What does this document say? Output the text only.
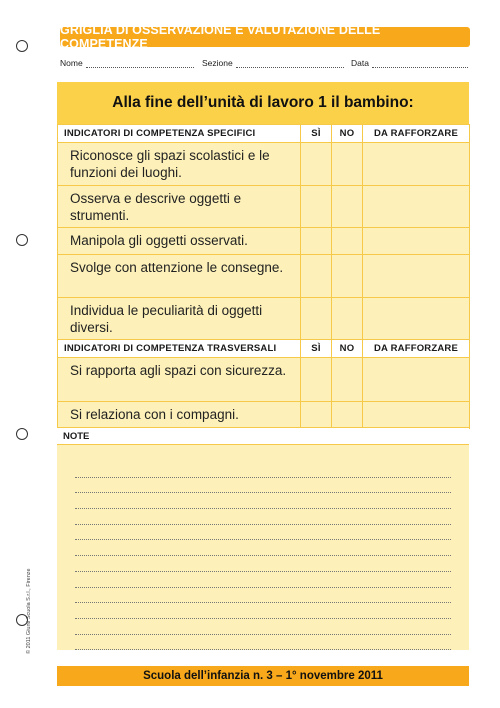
GRIGLIA DI OSSERVAZIONE E VALUTAZIONE DELLE COMPETENZE
Nome	Sezione	Data
Alla fine dell’unità di lavoro 1 il bambino:
INDICATORI DI COMPETENZA SPECIFICI	SÌ	NO	DA RAFFORZARE
Riconosce gli spazi scolastici e le funzioni dei luoghi.			
Osserva e descrive oggetti e strumenti.			
Manipola gli oggetti osservati.			
Svolge con attenzione le consegne.			
Individua le peculiarità di oggetti diversi.			
INDICATORI DI COMPETENZA TRASVERSALI	SÌ	NO	DA RAFFORZARE
Si rapporta agli spazi con sicurezza.			
Si relaziona con i compagni.			
NOTE
Scuola dell’infanzia n. 3 – 1° novembre 2011
© 2011 Giunti Scuola S.r.l., Firenze
